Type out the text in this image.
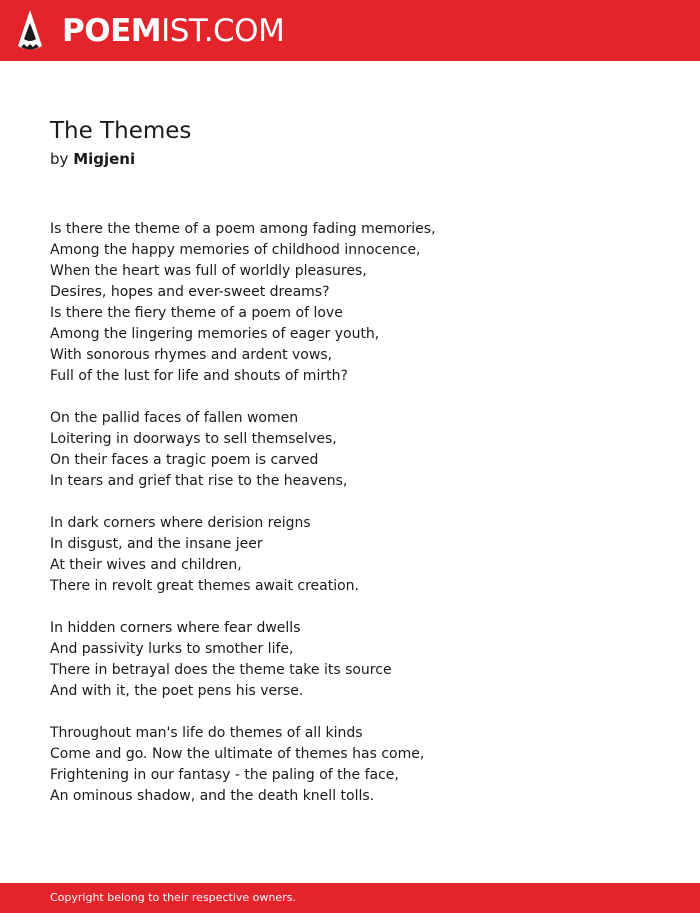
POEMIST.COM
The Themes
by Migjeni
Is there the theme of a poem among fading memories,
Among the happy memories of childhood innocence,
When the heart was full of worldly pleasures,
Desires, hopes and ever-sweet dreams?
Is there the fiery theme of a poem of love
Among the lingering memories of eager youth,
With sonorous rhymes and ardent vows,
Full of the lust for life and shouts of mirth?
On the pallid faces of fallen women
Loitering in doorways to sell themselves,
On their faces a tragic poem is carved
In tears and grief that rise to the heavens,
In dark corners where derision reigns
In disgust, and the insane jeer
At their wives and children,
There in revolt great themes await creation.
In hidden corners where fear dwells
And passivity lurks to smother life,
There in betrayal does the theme take its source
And with it, the poet pens his verse.
Throughout man's life do themes of all kinds
Come and go. Now the ultimate of themes has come,
Frightening in our fantasy - the paling of the face,
An ominous shadow, and the death knell tolls.
Copyright belong to their respective owners.
